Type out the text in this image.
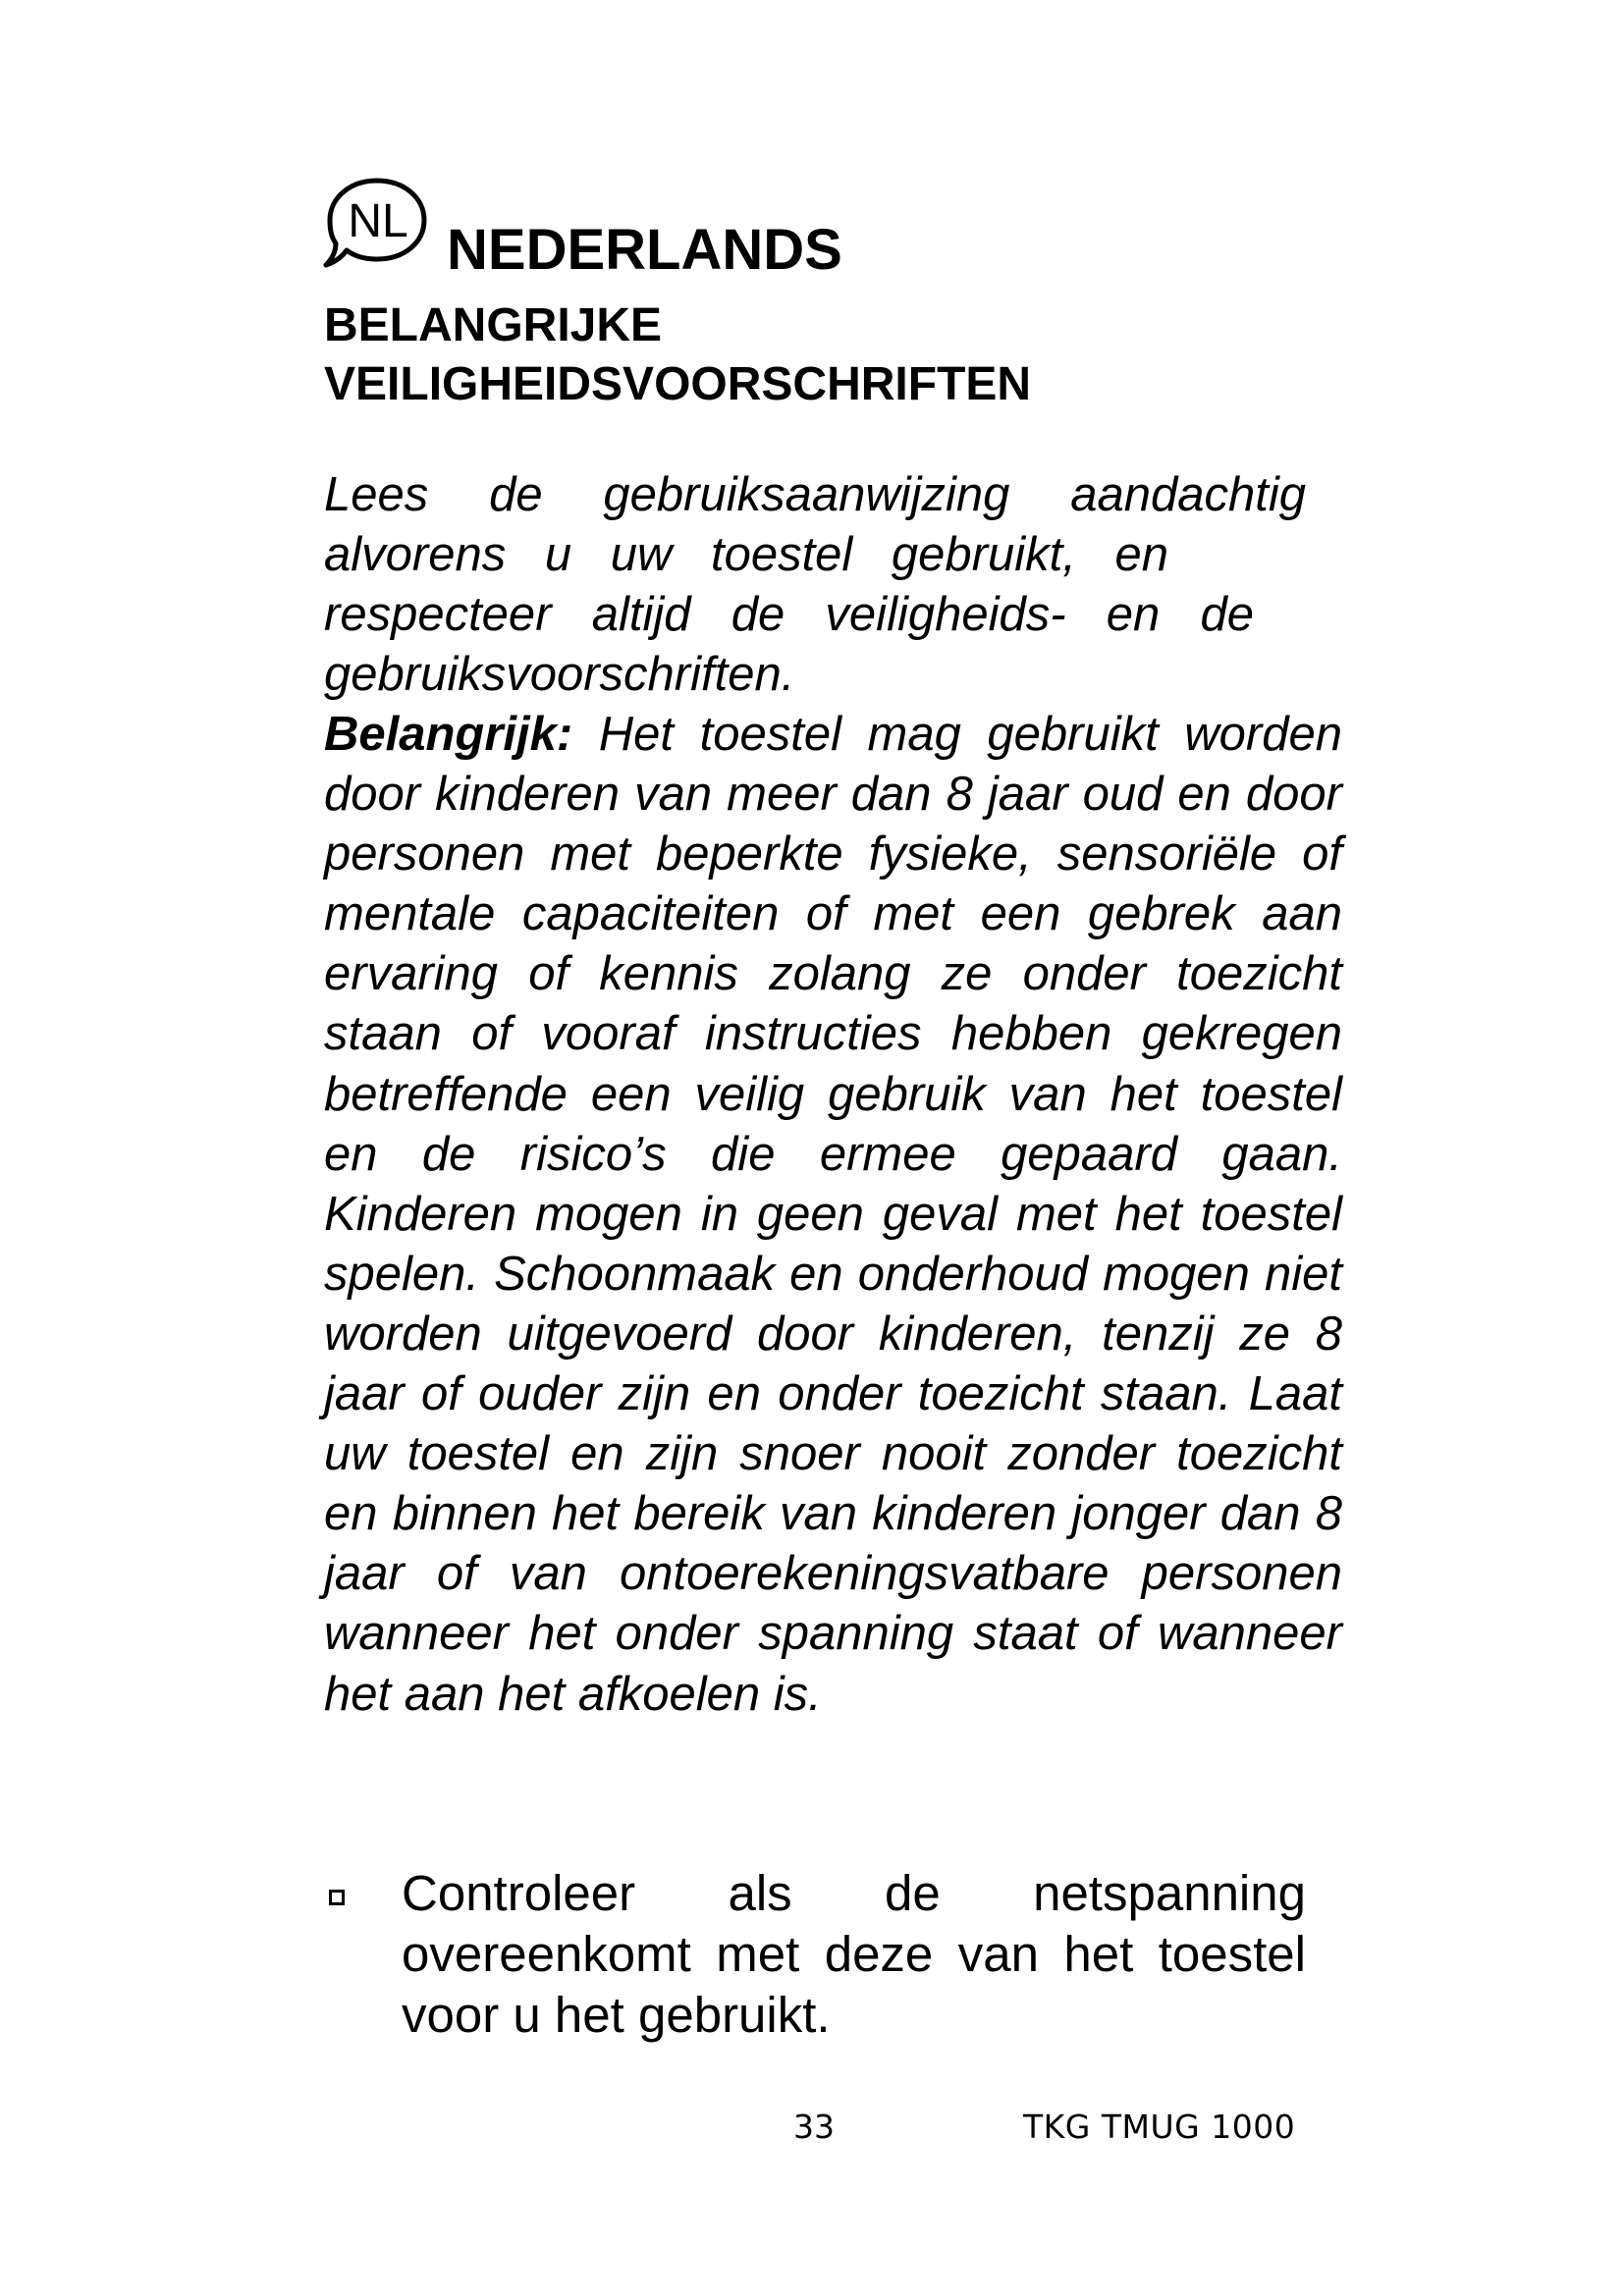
NL NEDERLANDS
BELANGRIJKE
VEILIGHEIDSVOORSCHRIFTEN
Lees de gebruiksaanwijzing aandachtig
alvorens u uw toestel gebruikt, en
respecteer altijd de veiligheids- en de
gebruiksvoorschriften.

Belangrijk: Het toestel mag gebruikt worden door kinderen van meer dan 8 jaar oud en door personen met beperkte fysieke, sensoriële of mentale capaciteiten of met een gebrek aan ervaring of kennis zolang ze onder toezicht staan of vooraf instructies hebben gekregen betreffende een veilig gebruik van het toestel en de risico’s die ermee gepaard gaan. Kinderen mogen in geen geval met het toestel spelen. Schoonmaak en onderhoud mogen niet worden uitgevoerd door kinderen, tenzij ze 8 jaar of ouder zijn en onder toezicht staan. Laat uw toestel en zijn snoer nooit zonder toezicht en binnen het bereik van kinderen jonger dan 8 jaar of van ontoerekeningsvatbare personen wanneer het onder spanning staat of wanneer het aan het afkoelen is.

Controleer als de netspanning overeenkomt met deze van het toestel voor u het gebruikt.
33	TKG TMUG 1000
